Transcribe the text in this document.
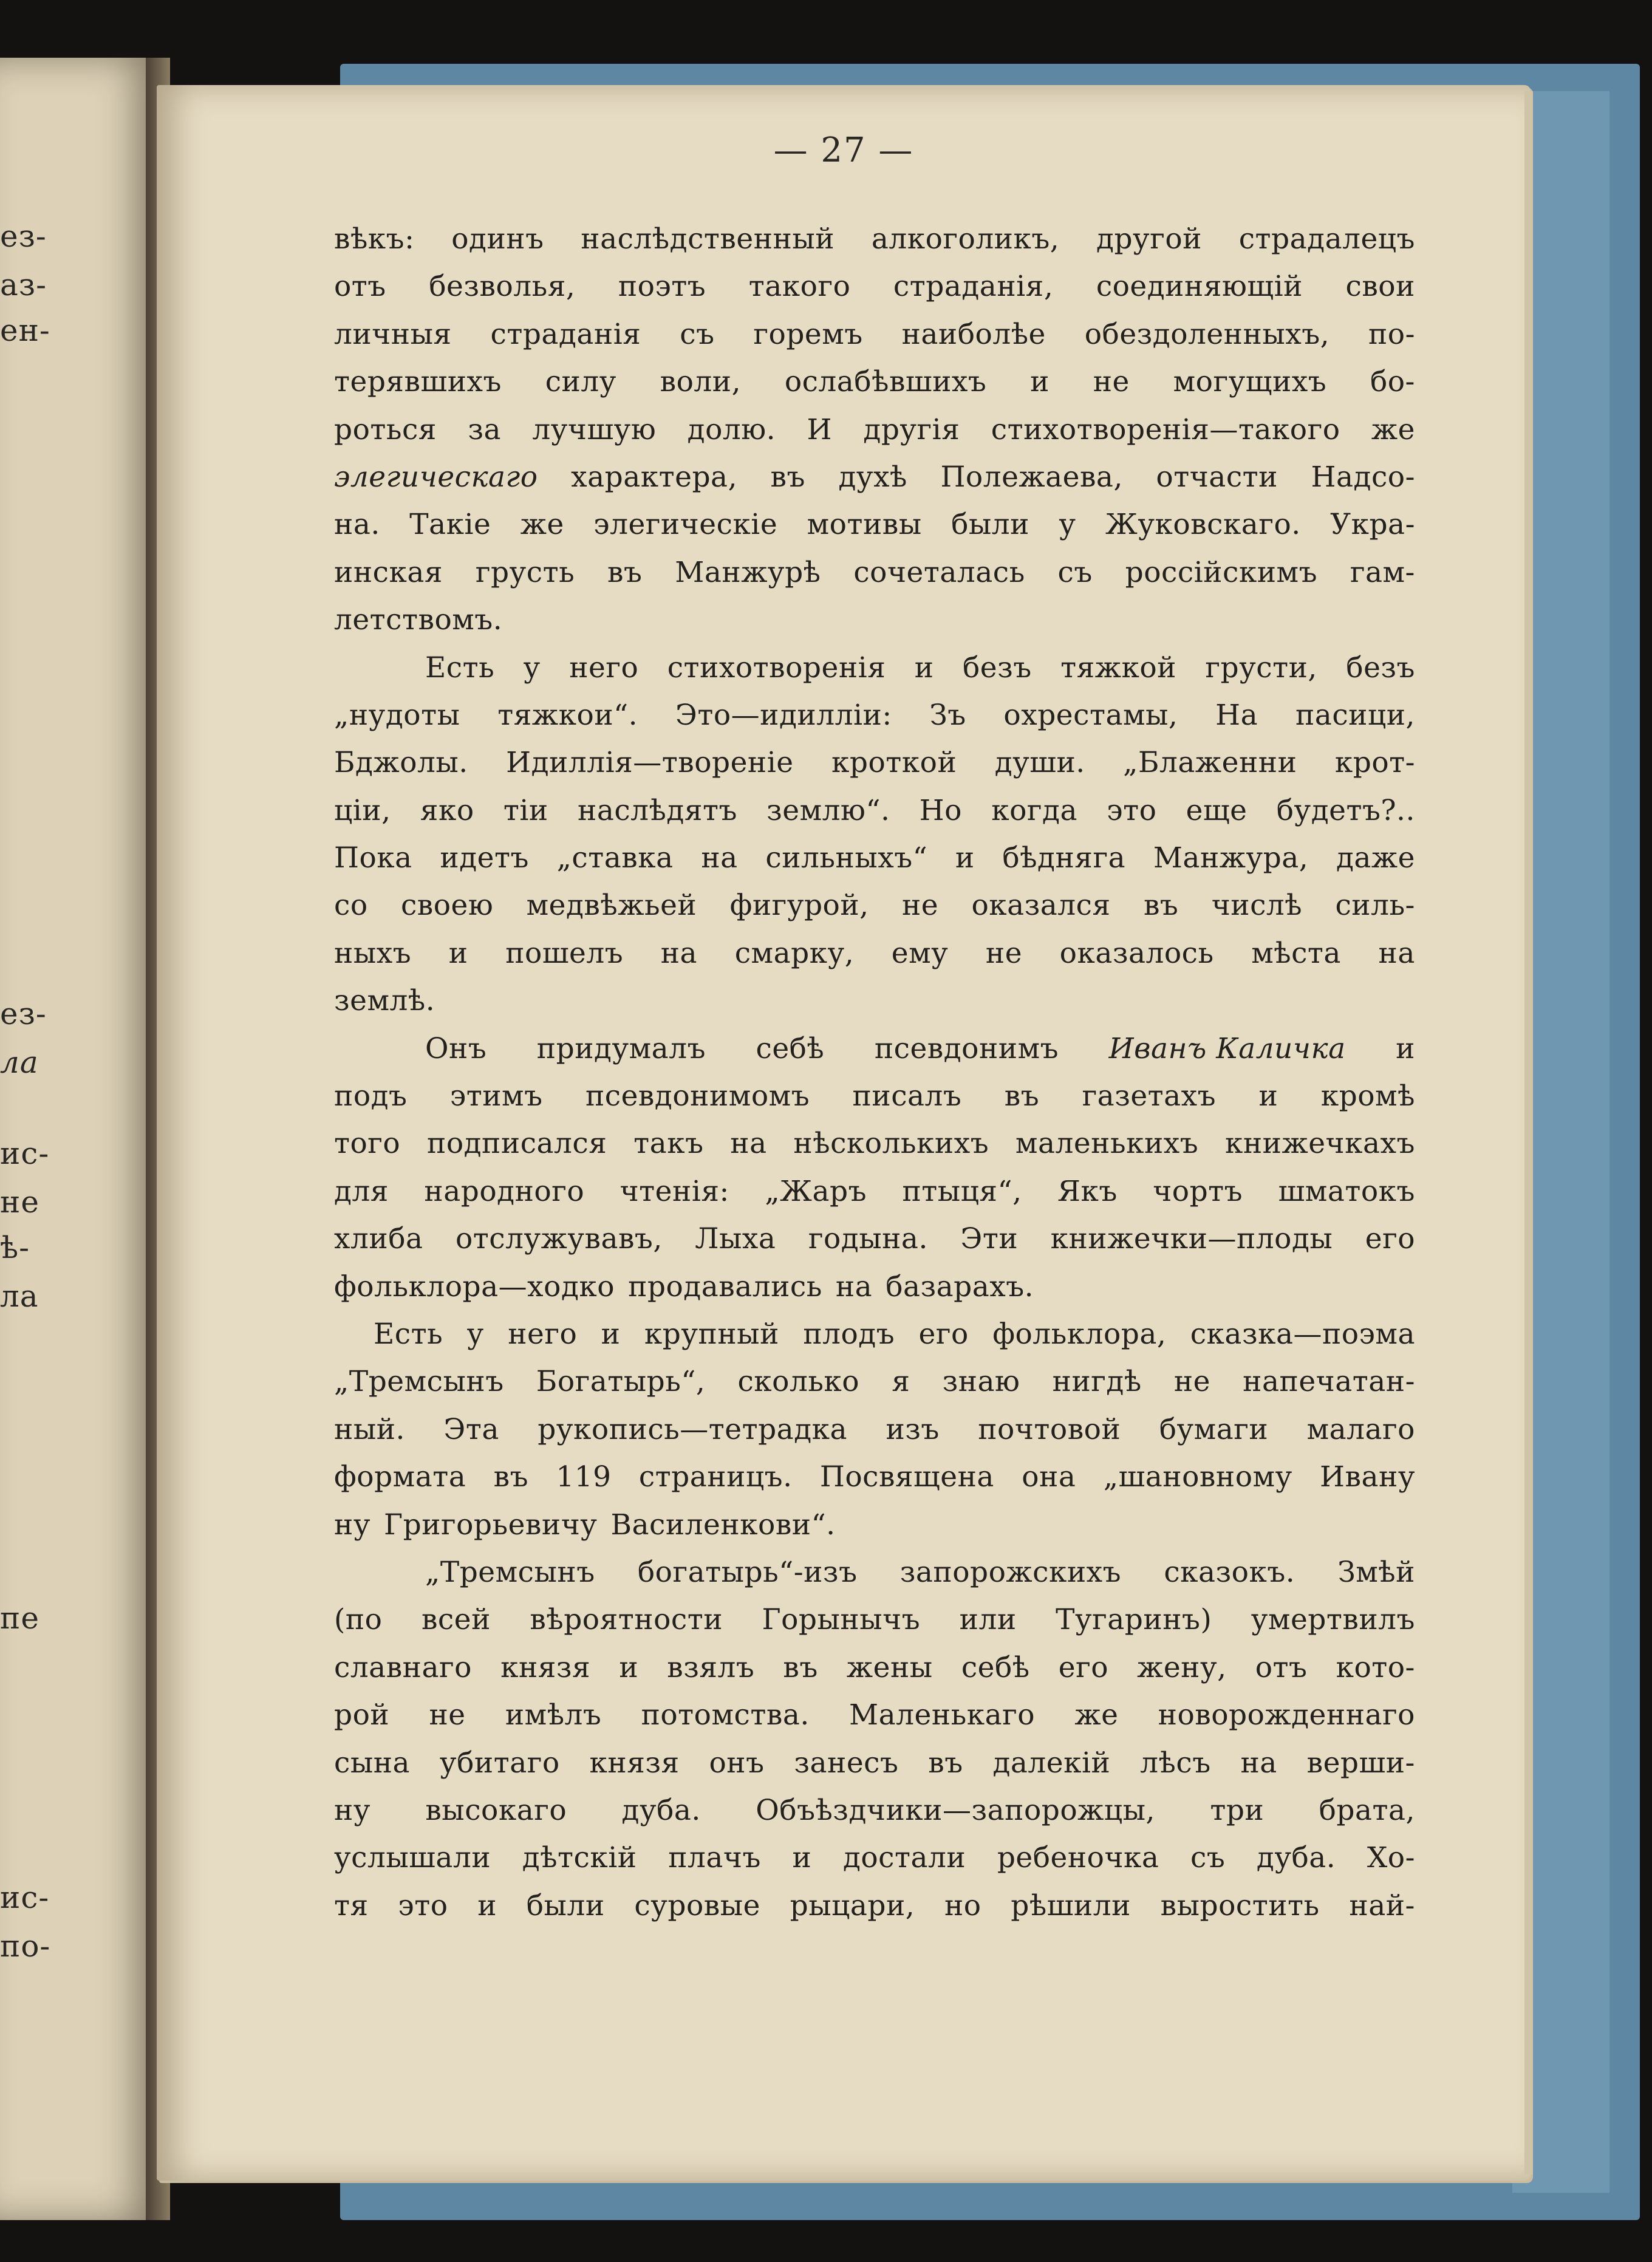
ез-
аз-
ен-
ез-
ла
ис-
не
ѣ-
ла
пе
ис-
по-
— 27 —
вѣкъ: одинъ наслѣдственный алкоголикъ, другой страдалецъ
отъ безволья, поэтъ такого страданія, соединяющій свои
личныя страданія съ горемъ наиболѣе обездоленныхъ, по-
терявшихъ силу воли, ослабѣвшихъ и не могущихъ бо-
роться за лучшую долю. И другія стихотворенія—такого же
элегическаго характера, въ духѣ Полежаева, отчасти Надсо-
на. Такіе же элегическіе мотивы были у Жуковскаго. Укра-
инская грусть въ Манжурѣ сочеталась съ россійскимъ гам-
летствомъ.
Есть у него стихотворенія и безъ тяжкой грусти, безъ
„нудоты тяжкои“. Это—идилліи: Зъ охрестамы, На пасици,
Бджолы. Идиллія—твореніе кроткой души. „Блаженни крот-
ціи, яко тіи наслѣдятъ землю“. Но когда это еще будетъ?..
Пока идетъ „ставка на сильныхъ“ и бѣдняга Манжура, даже
со своею медвѣжьей фигурой, не оказался въ числѣ силь-
ныхъ и пошелъ на смарку, ему не оказалось мѣста на
землѣ.
Онъ придумалъ себѣ псевдонимъ Иванъ Каличка и
подъ этимъ псевдонимомъ писалъ въ газетахъ и кромѣ
того подписался такъ на нѣсколькихъ маленькихъ книжечкахъ
для народного чтенія: „Жаръ птыця“, Якъ чортъ шматокъ
хлиба отслужувавъ, Лыха годына. Эти книжечки—плоды его
фольклора—ходко продавались на базарахъ.
Есть у него и крупный плодъ его фольклора, сказка—поэма
„Тремсынъ Богатырь“, сколько я знаю нигдѣ не напечатан-
ный. Эта рукопись—тетрадка изъ почтовой бумаги малаго
формата въ 119 страницъ. Посвящена она „шановному Ивану
ну Григорьевичу Василенкови“.
„Тремсынъ богатырь“-изъ запорожскихъ сказокъ. Змѣй
(по всей вѣроятности Горынычъ или Тугаринъ) умертвилъ
славнаго князя и взялъ въ жены себѣ его жену, отъ кото-
рой не имѣлъ потомства. Маленькаго же новорожденнаго
сына убитаго князя онъ занесъ въ далекій лѣсъ на верши-
ну высокаго дуба. Объѣздчики—запорожцы, три брата,
услышали дѣтскій плачъ и достали ребеночка съ дуба. Хо-
тя это и были суровые рыцари, но рѣшили выростить най-
